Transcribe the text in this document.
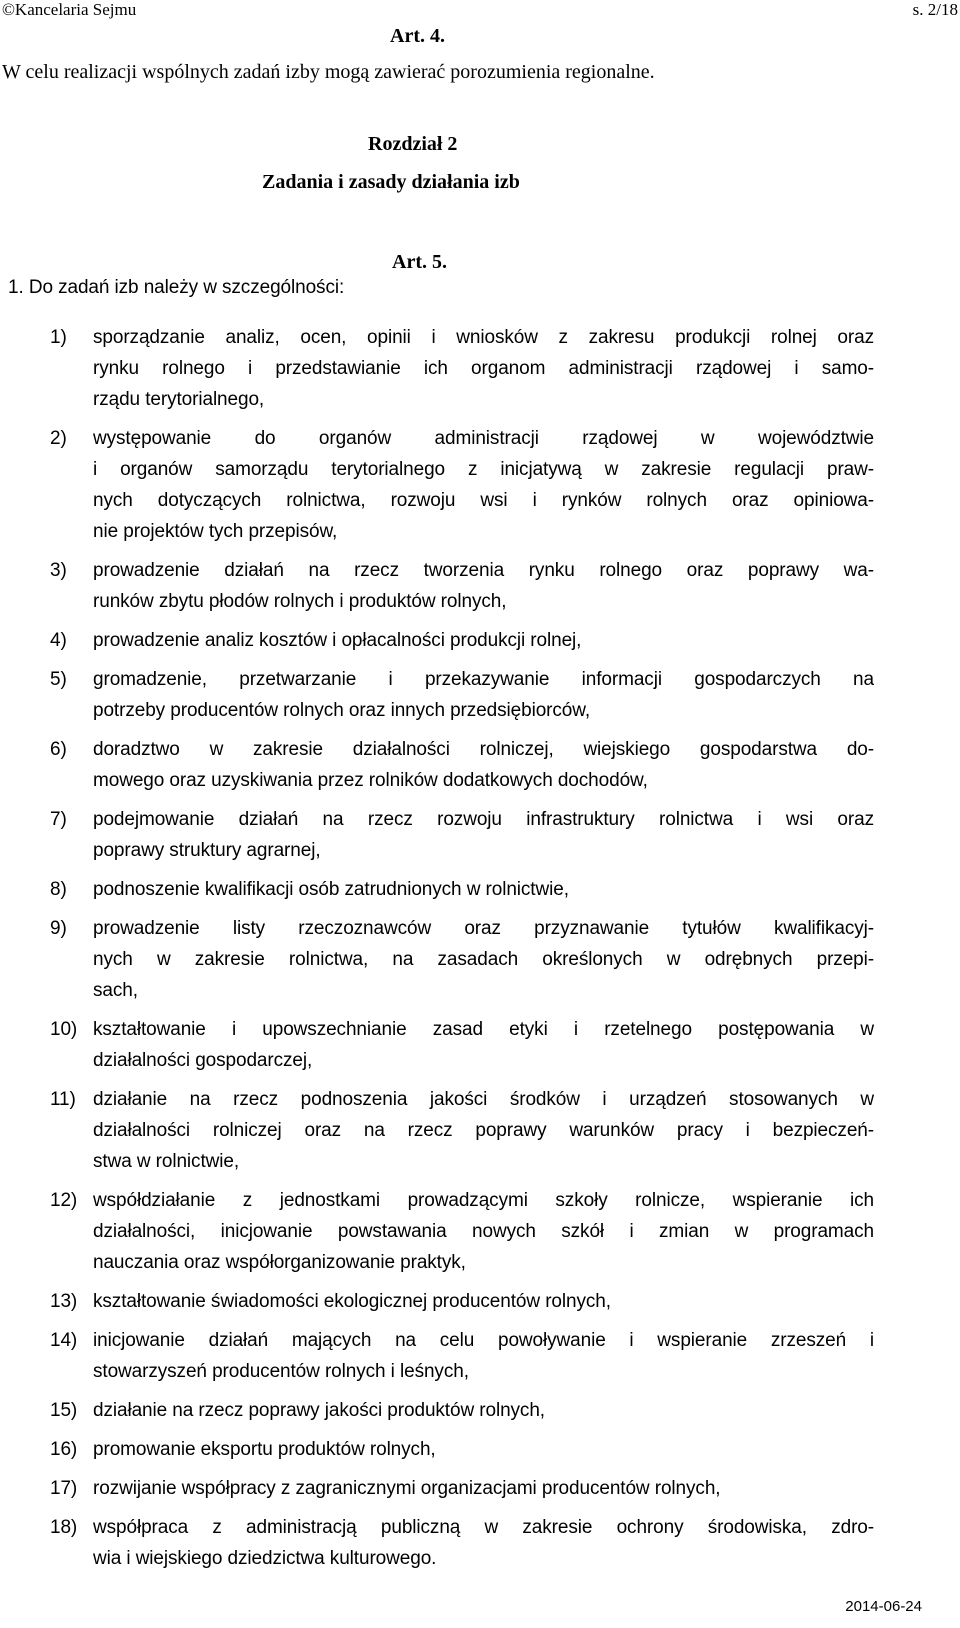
©Kancelaria Sejmu	s. 2/18
Art. 4.
W celu realizacji wspólnych zadań izby mogą zawierać porozumienia regionalne.
Rozdział 2
Zadania i zasady działania izb
Art. 5.
1. Do zadań izb należy w szczególności:
1) sporządzanie analiz, ocen, opinii i wniosków z zakresu produkcji rolnej oraz
rynku rolnego i przedstawianie ich organom administracji rządowej i samo-
rządu terytorialnego,
2) występowanie do organów administracji rządowej w województwie
i organów samorządu terytorialnego z inicjatywą w zakresie regulacji praw-
nych dotyczących rolnictwa, rozwoju wsi i rynków rolnych oraz opiniowa-
nie projektów tych przepisów,
3) prowadzenie działań na rzecz tworzenia rynku rolnego oraz poprawy wa-
runków zbytu płodów rolnych i produktów rolnych,
4) prowadzenie analiz kosztów i opłacalności produkcji rolnej,
5) gromadzenie, przetwarzanie i przekazywanie informacji gospodarczych na
potrzeby producentów rolnych oraz innych przedsiębiorców,
6) doradztwo w zakresie działalności rolniczej, wiejskiego gospodarstwa do-
mowego oraz uzyskiwania przez rolników dodatkowych dochodów,
7) podejmowanie działań na rzecz rozwoju infrastruktury rolnictwa i wsi oraz
poprawy struktury agrarnej,
8) podnoszenie kwalifikacji osób zatrudnionych w rolnictwie,
9) prowadzenie listy rzeczoznawców oraz przyznawanie tytułów kwalifikacyj-
nych w zakresie rolnictwa, na zasadach określonych w odrębnych przepi-
sach,
10) kształtowanie i upowszechnianie zasad etyki i rzetelnego postępowania w
działalności gospodarczej,
11) działanie na rzecz podnoszenia jakości środków i urządzeń stosowanych w
działalności rolniczej oraz na rzecz poprawy warunków pracy i bezpieczeń-
stwa w rolnictwie,
12) współdziałanie z jednostkami prowadzącymi szkoły rolnicze, wspieranie ich
działalności, inicjowanie powstawania nowych szkół i zmian w programach
nauczania oraz współorganizowanie praktyk,
13) kształtowanie świadomości ekologicznej producentów rolnych,
14) inicjowanie działań mających na celu powoływanie i wspieranie zrzeszeń i
stowarzyszeń producentów rolnych i leśnych,
15) działanie na rzecz poprawy jakości produktów rolnych,
16) promowanie eksportu produktów rolnych,
17) rozwijanie współpracy z zagranicznymi organizacjami producentów rolnych,
18) współpraca z administracją publiczną w zakresie ochrony środowiska, zdro-
wia i wiejskiego dziedzictwa kulturowego.
2014-06-24
